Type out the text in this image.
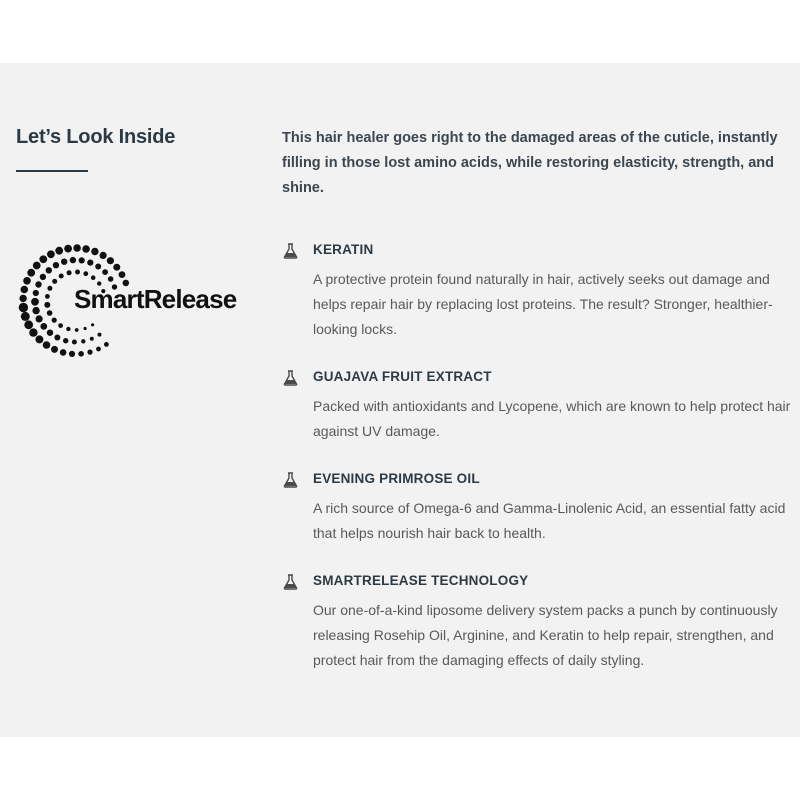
Let’s Look Inside
SmartRelease

This hair healer goes right to the damaged areas of the cuticle, instantly filling in those lost amino acids, while restoring elasticity, strength, and shine.

KERATIN

A protective protein found naturally in hair, actively seeks out damage and helps repair hair by replacing lost proteins. The result? Stronger, healthier-looking locks.

GUAJAVA FRUIT EXTRACT

Packed with antioxidants and Lycopene, which are known to help protect hair against UV damage.

EVENING PRIMROSE OIL

A rich source of Omega-6 and Gamma-Linolenic Acid, an essential fatty acid that helps nourish hair back to health.

SMARTRELEASE TECHNOLOGY

Our one-of-a-kind liposome delivery system packs a punch by continuously releasing Rosehip Oil, Arginine, and Keratin to help repair, strengthen, and protect hair from the damaging effects of daily styling.
